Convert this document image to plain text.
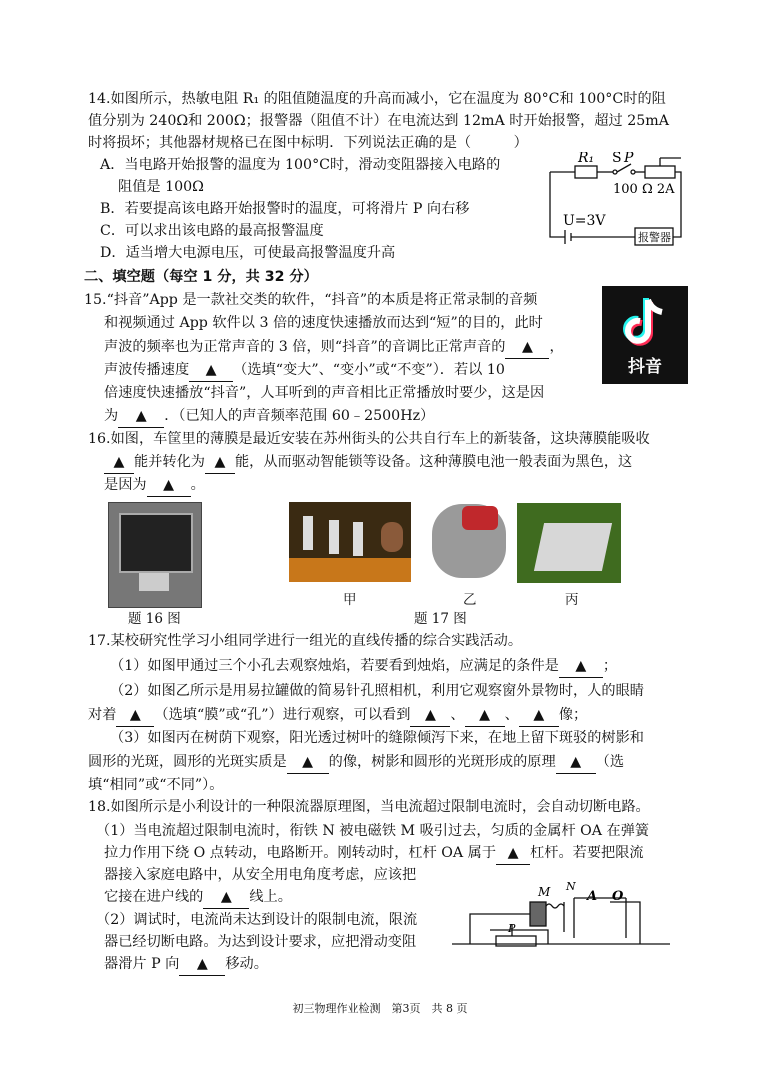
14.如图所示，热敏电阻 R₁ 的阻值随温度的升高而减小，它在温度为 80°C和 100°C时的阻
值分别为 240Ω和 200Ω；报警器（阻值不计）在电流达到 12mA 时开始报警，超过 25mA
时将损坏；其他器材规格已在图中标明．下列说法正确的是（　　　）
A．当电路开始报警的温度为 100°C时，滑动变阻器接入电路的
阻值是 100Ω
B．若要提高该电路开始报警时的温度，可将滑片 P 向右移
C．可以求出该电路的最高报警温度
D．适当增大电源电压，可使最高报警温度升高
R₁ S P
100 Ω 2A
U=3V
报警器
二、填空题（每空 1 分，共 32 分）
15.“抖音”App 是一款社交类的软件，“抖音”的本质是将正常录制的音频
和视频通过 App 软件以 3 倍的速度快速播放而达到“短”的目的，此时
声波的频率也为正常声音的 3 倍，则“抖音”的音调比正常声音的 ▲ ，
声波传播速度 ▲ （选填“变大”、“变小”或“不变”）．若以 10
倍速度快速播放“抖音”，人耳听到的声音相比正常播放时要少，这是因
为 ▲ ．（已知人的声音频率范围 60﹣2500Hz）
抖音
16.如图，车筐里的薄膜是最近安装在苏州街头的公共自行车上的新装备，这块薄膜能吸收
▲ 能并转化为 ▲ 能，从而驱动智能锁等设备。这种薄膜电池一般表面为黑色，这
是因为 ▲ 。
题 16 图
甲	乙	丙
题 17 图
17.某校研究性学习小组同学进行一组光的直线传播的综合实践活动。
（1）如图甲通过三个小孔去观察烛焰，若要看到烛焰，应满足的条件是 ▲ ；
（2）如图乙所示是用易拉罐做的简易针孔照相机，利用它观察窗外景物时，人的眼睛
对着 ▲ （选填“膜”或“孔”）进行观察，可以看到 ▲ 、 ▲ 、 ▲ 像；
（3）如图丙在树荫下观察，阳光透过树叶的缝隙倾泻下来，在地上留下斑驳的树影和
圆形的光斑，圆形的光斑实质是 ▲ 的像，树影和圆形的光斑形成的原理 ▲ （选
填“相同”或“不同”）。
18.如图所示是小利设计的一种限流器原理图，当电流超过限制电流时，会自动切断电路。
（1）当电流超过限制电流时，衔铁 N 被电磁铁 M 吸引过去，匀质的金属杆 OA 在弹簧
拉力作用下绕 O 点转动，电路断开。刚转动时，杠杆 OA 属于 ▲ 杠杆。若要把限流
器接入家庭电路中，从安全用电角度考虑，应该把
它接在进户线的 ▲ 线上。
（2）调试时，电流尚未达到设计的限制电流，限流
器已经切断电路。为达到设计要求，应把滑动变阻
器滑片 P 向 ▲ 移动。
M N
A O
P
初三物理作业检测　第3页　共 8 页
